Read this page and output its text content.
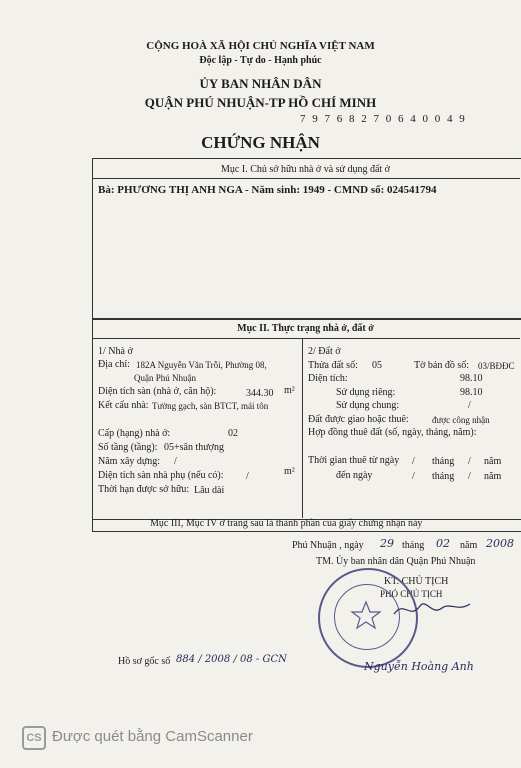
CỘNG HOÀ XÃ HỘI CHỦ NGHĨA VIỆT NAM
Độc lập - Tự do - Hạnh phúc
ỦY BAN NHÂN DÂN
QUẬN PHÚ NHUẬN-TP HỒ CHÍ MINH
7 9 7 6 8 2 7 0 6 4 0 0 4 9
CHỨNG NHẬN
Mục I. Chủ sở hữu nhà ở và sử dụng đất ở
Bà: PHƯƠNG THỊ ANH NGA - Năm sinh: 1949 - CMND số: 024541794
Mục II. Thực trạng nhà ở, đất ở
1/ Nhà ở
Địa chỉ: 182A Nguyễn Văn Trỗi, Phường 08,
Quận Phú Nhuận
Diện tích sàn (nhà ở, căn hộ):	344.30 m²
Kết cấu nhà: Tường gạch, sàn BTCT, mái tôn
Cấp (hạng) nhà ở:	02
Số tầng (tầng): 05+sân thượng
Năm xây dựng: /
Diện tích sàn nhà phụ (nếu có): /	m²
Thời hạn được sở hữu: Lâu dài
2/ Đất ở
Thửa đất số: 05	Tờ bản đồ số: 03/BĐĐC
Diện tích:	98.10
Sử dụng riêng:	98.10
Sử dụng chung:	/
Đất được giao hoặc thuê:	được công nhận
Hợp đồng thuê đất (số, ngày, tháng, năm):
Thời gian thuê từ ngày / tháng / năm
đến ngày	/ tháng / năm
Mục III, Mục IV ở trang sau là thành phần của giấy chứng nhận này
Phú Nhuận , ngày 29 tháng 02 năm 2008
TM. Ủy ban nhân dân Quận Phú Nhuận
KT. CHỦ TỊCH
PHÓ CHỦ TỊCH
Nguyễn Hoàng Anh
Hồ sơ gốc số 884 / 2008 / 08 - GCN
CS Được quét bằng CamScanner
